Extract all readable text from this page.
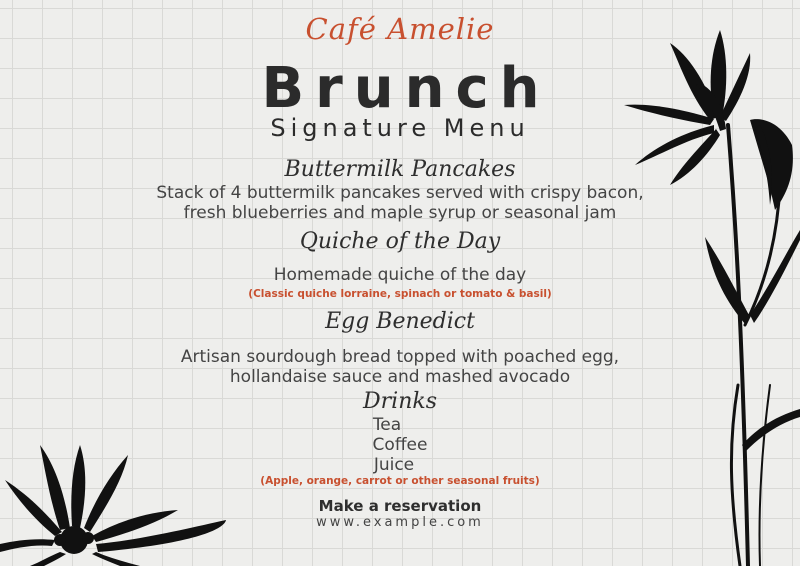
Café Amelie
Brunch
Signature Menu
Buttermilk Pancakes
Stack of 4 buttermilk pancakes served with crispy bacon,
fresh blueberries and maple syrup or seasonal jam
Quiche of the Day
Homemade quiche of the day
(Classic quiche lorraine, spinach or tomato & basil)
Egg Benedict
Artisan sourdough bread topped with poached egg,
hollandaise sauce and mashed avocado
Drinks
Tea
Coffee
Juice
(Apple, orange, carrot or other seasonal fruits)
Make a reservation
www.example.com
